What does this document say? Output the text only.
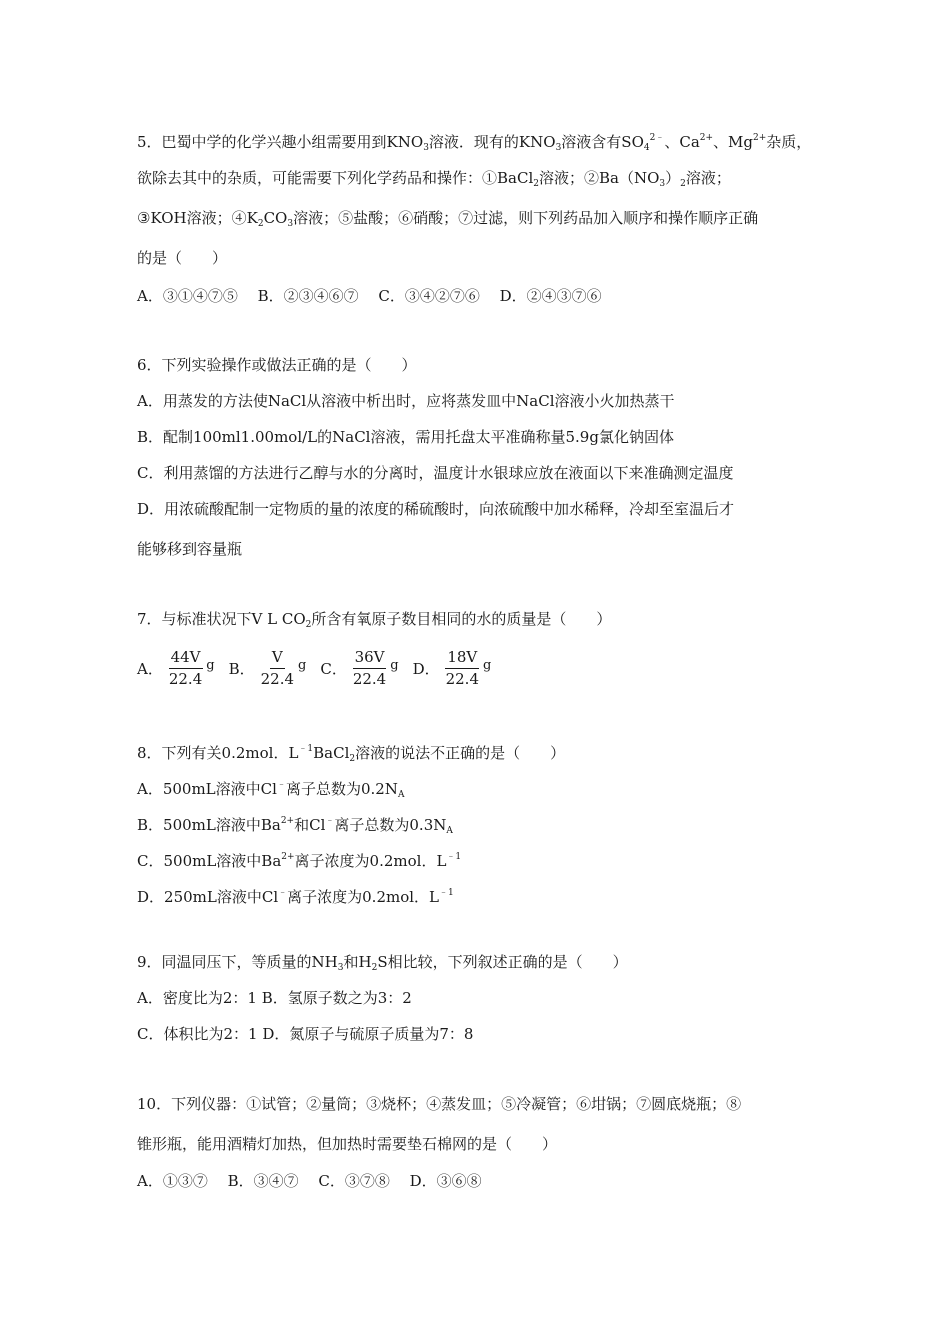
5．巴蜀中学的化学兴趣小组需要用到$KNO_3$溶液．现有的$KNO_3$溶液含有$SO_4^{2﹣}$、$Ca^{2+}$、$Mg^{2+}$杂质，
欲除去其中的杂质，可能需要下列化学药品和操作：①BaCl$_2$溶液；$②Ba(NO_3)_2$溶液；
③KOH溶液；$④K_2CO_3$溶液；⑤盐酸；⑥硝酸；⑦过滤，则下列药品加入顺序和操作顺序正确
的是（　　）
A．③①④⑦⑤　 B．②③④⑥⑦　 C．③④②⑦⑥　 D．②④③⑦⑥
6．下列实验操作或做法正确的是（　　）
A．用蒸发的方法使NaCl从溶液中析出时，应将蒸发皿中NaCl溶液小火加热蒸干
B．配制100ml1.00mol/L的NaCl溶液，需用托盘太平准确称量5.9g氯化钠固体
C．利用蒸馏的方法进行乙醇与水的分离时，温度计水银球应放在液面以下来准确测定温度
D．用浓硫酸配制一定物质的量的浓度的稀硫酸时，向浓硫酸中加水稀释，冷却至室温后才
能够移到容量瓶
7．与标准状况下V L $CO_2$所含有氧原子数目相同的水的质量是（　　）
A． $\frac{44V}{22.4}$ g B． $\frac{V}{22.4}$ g C． $\frac{36V}{22.4}$ g D． $\frac{18V}{22.4}$ g
8．下列有关0.2mol．$L^{﹣1}BaCl_2$溶液的说法不正确的是（　　）
A．500mL溶液中Cl﹣离子总数为$0.2N_A$
B．500mL溶液中$Ba^{2+}$和Cl﹣离子总数为$0.3N_A$
C．500mL溶液中$Ba^{2+}$离子浓度为0.2mol．$L^{﹣1}$
D．250mL溶液中Cl﹣离子浓度为0.2mol．$L^{﹣1}$
9．同温同压下，等质量的$NH_3$和$H_2S$相比较，下列叙述正确的是（　　）
A．密度比为2：1 B．氢原子数之为3：2
C．体积比为2：1 D．氮原子与硫原子质量为7：8
10．下列仪器：①试管；②量筒；③烧杯；④蒸发皿；⑤冷凝管；⑥坩锅；⑦圆底烧瓶；⑧
锥形瓶，能用酒精灯加热，但加热时需要垫石棉网的是（　　）
A．①③⑦　 B．③④⑦　 C．③⑦⑧　 D．③⑥⑧
